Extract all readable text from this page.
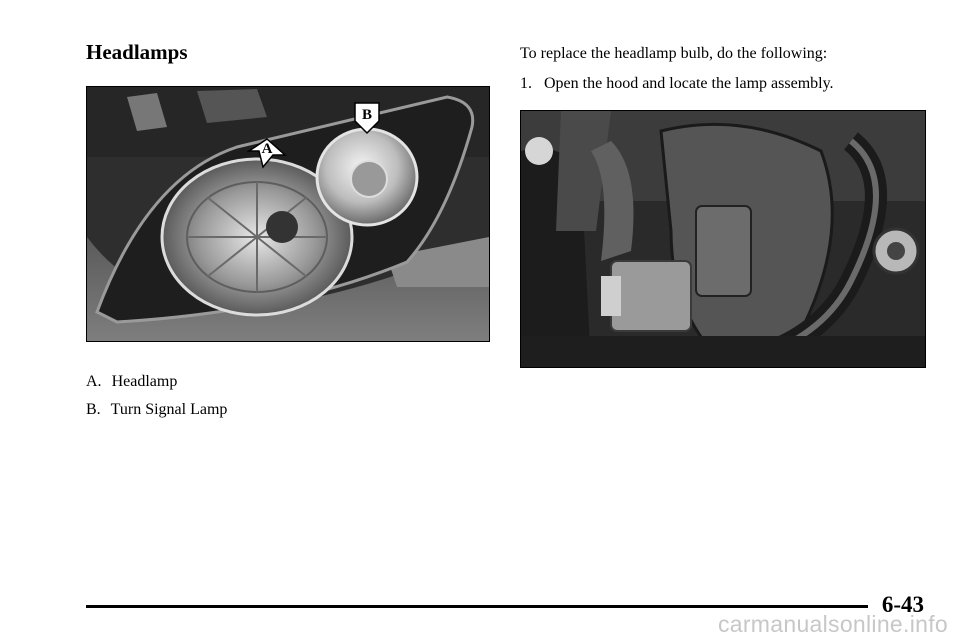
Headlamps
A
B
A. Headlamp
B. Turn Signal Lamp
To replace the headlamp bulb, do the following:
1. Open the hood and locate the lamp assembly.
6-43
carmanualsonline.info
